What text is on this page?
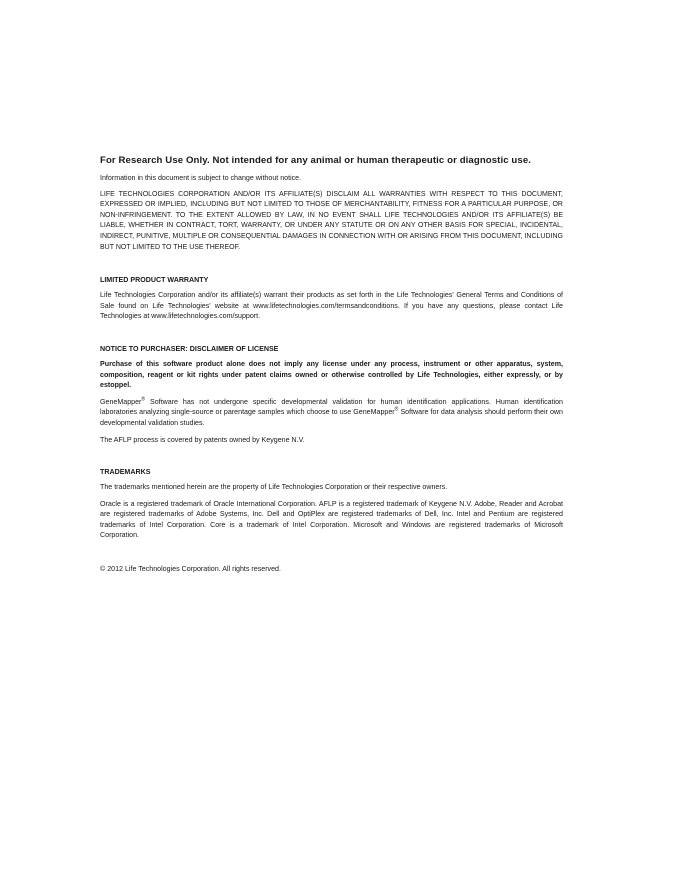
For Research Use Only. Not intended for any animal or human therapeutic or diagnostic use.

Information in this document is subject to change without notice.

LIFE TECHNOLOGIES CORPORATION AND/OR ITS AFFILIATE(S) DISCLAIM ALL WARRANTIES WITH RESPECT TO THIS DOCUMENT, EXPRESSED OR IMPLIED, INCLUDING BUT NOT LIMITED TO THOSE OF MERCHANTABILITY, FITNESS FOR A PARTICULAR PURPOSE, OR NON-INFRINGEMENT. TO THE EXTENT ALLOWED BY LAW, IN NO EVENT SHALL LIFE TECHNOLOGIES AND/OR ITS AFFILIATE(S) BE LIABLE, WHETHER IN CONTRACT, TORT, WARRANTY, OR UNDER ANY STATUTE OR ON ANY OTHER BASIS FOR SPECIAL, INCIDENTAL, INDIRECT, PUNITIVE, MULTIPLE OR CONSEQUENTIAL DAMAGES IN CONNECTION WITH OR ARISING FROM THIS DOCUMENT, INCLUDING BUT NOT LIMITED TO THE USE THEREOF.

LIMITED PRODUCT WARRANTY

Life Technologies Corporation and/or its affiliate(s) warrant their products as set forth in the Life Technologies' General Terms and Conditions of Sale found on Life Technologies' website at www.lifetechnologies.com/termsandconditions. If you have any questions, please contact Life Technologies at www.lifetechnologies.com/support.

NOTICE TO PURCHASER: DISCLAIMER OF LICENSE

Purchase of this software product alone does not imply any license under any process, instrument or other apparatus, system, composition, reagent or kit rights under patent claims owned or otherwise controlled by Life Technologies, either expressly, or by estoppel.

GeneMapper® Software has not undergone specific developmental validation for human identification applications. Human identification laboratories analyzing single-source or parentage samples which choose to use GeneMapper® Software for data analysis should perform their own developmental validation studies.

The AFLP process is covered by patents owned by Keygene N.V.

TRADEMARKS

The trademarks mentioned herein are the property of Life Technologies Corporation or their respective owners.

Oracle is a registered trademark of Oracle International Corporation. AFLP is a registered trademark of Keygene N.V. Adobe, Reader and Acrobat are registered trademarks of Adobe Systems, Inc. Dell and OptiPlex are registered trademarks of Dell, Inc. Intel and Pentium are registered trademarks of Intel Corporation. Core is a trademark of Intel Corporation. Microsoft and Windows are registered trademarks of Microsoft Corporation.

© 2012 Life Technologies Corporation. All rights reserved.
